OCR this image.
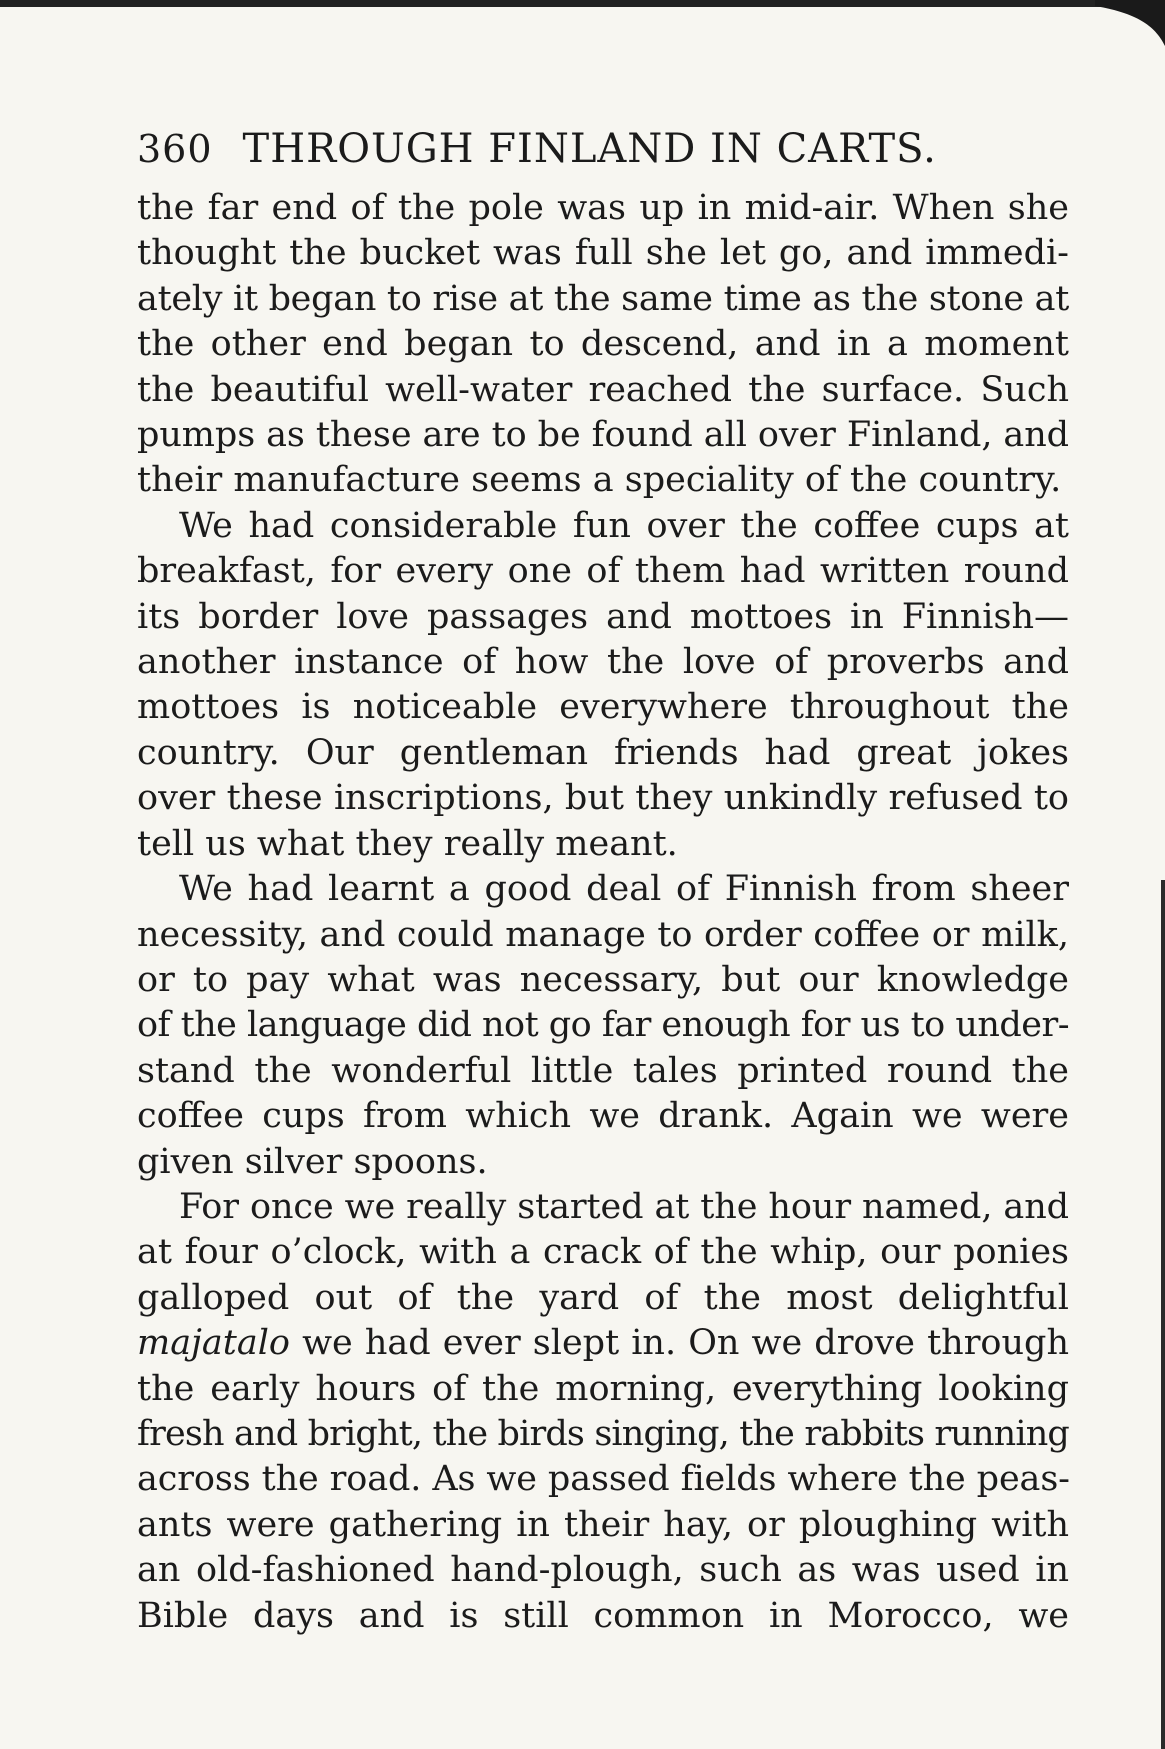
360 THROUGH FINLAND IN CARTS.
the far end of the pole was up in mid-air. When she
thought the bucket was full she let go, and immedi-
ately it began to rise at the same time as the stone at
the other end began to descend, and in a moment
the beautiful well-water reached the surface. Such
pumps as these are to be found all over Finland, and
their manufacture seems a speciality of the country.
We had considerable fun over the coffee cups at
breakfast, for every one of them had written round
its border love passages and mottoes in Finnish—
another instance of how the love of proverbs and
mottoes is noticeable everywhere throughout the
country. Our gentleman friends had great jokes
over these inscriptions, but they unkindly refused to
tell us what they really meant.
We had learnt a good deal of Finnish from sheer
necessity, and could manage to order coffee or milk,
or to pay what was necessary, but our knowledge
of the language did not go far enough for us to under-
stand the wonderful little tales printed round the
coffee cups from which we drank. Again we were
given silver spoons.
For once we really started at the hour named, and
at four o’clock, with a crack of the whip, our ponies
galloped out of the yard of the most delightful
majatalo we had ever slept in. On we drove through
the early hours of the morning, everything looking
fresh and bright, the birds singing, the rabbits running
across the road. As we passed fields where the peas-
ants were gathering in their hay, or ploughing with
an old-fashioned hand-plough, such as was used in
Bible days and is still common in Morocco, we
